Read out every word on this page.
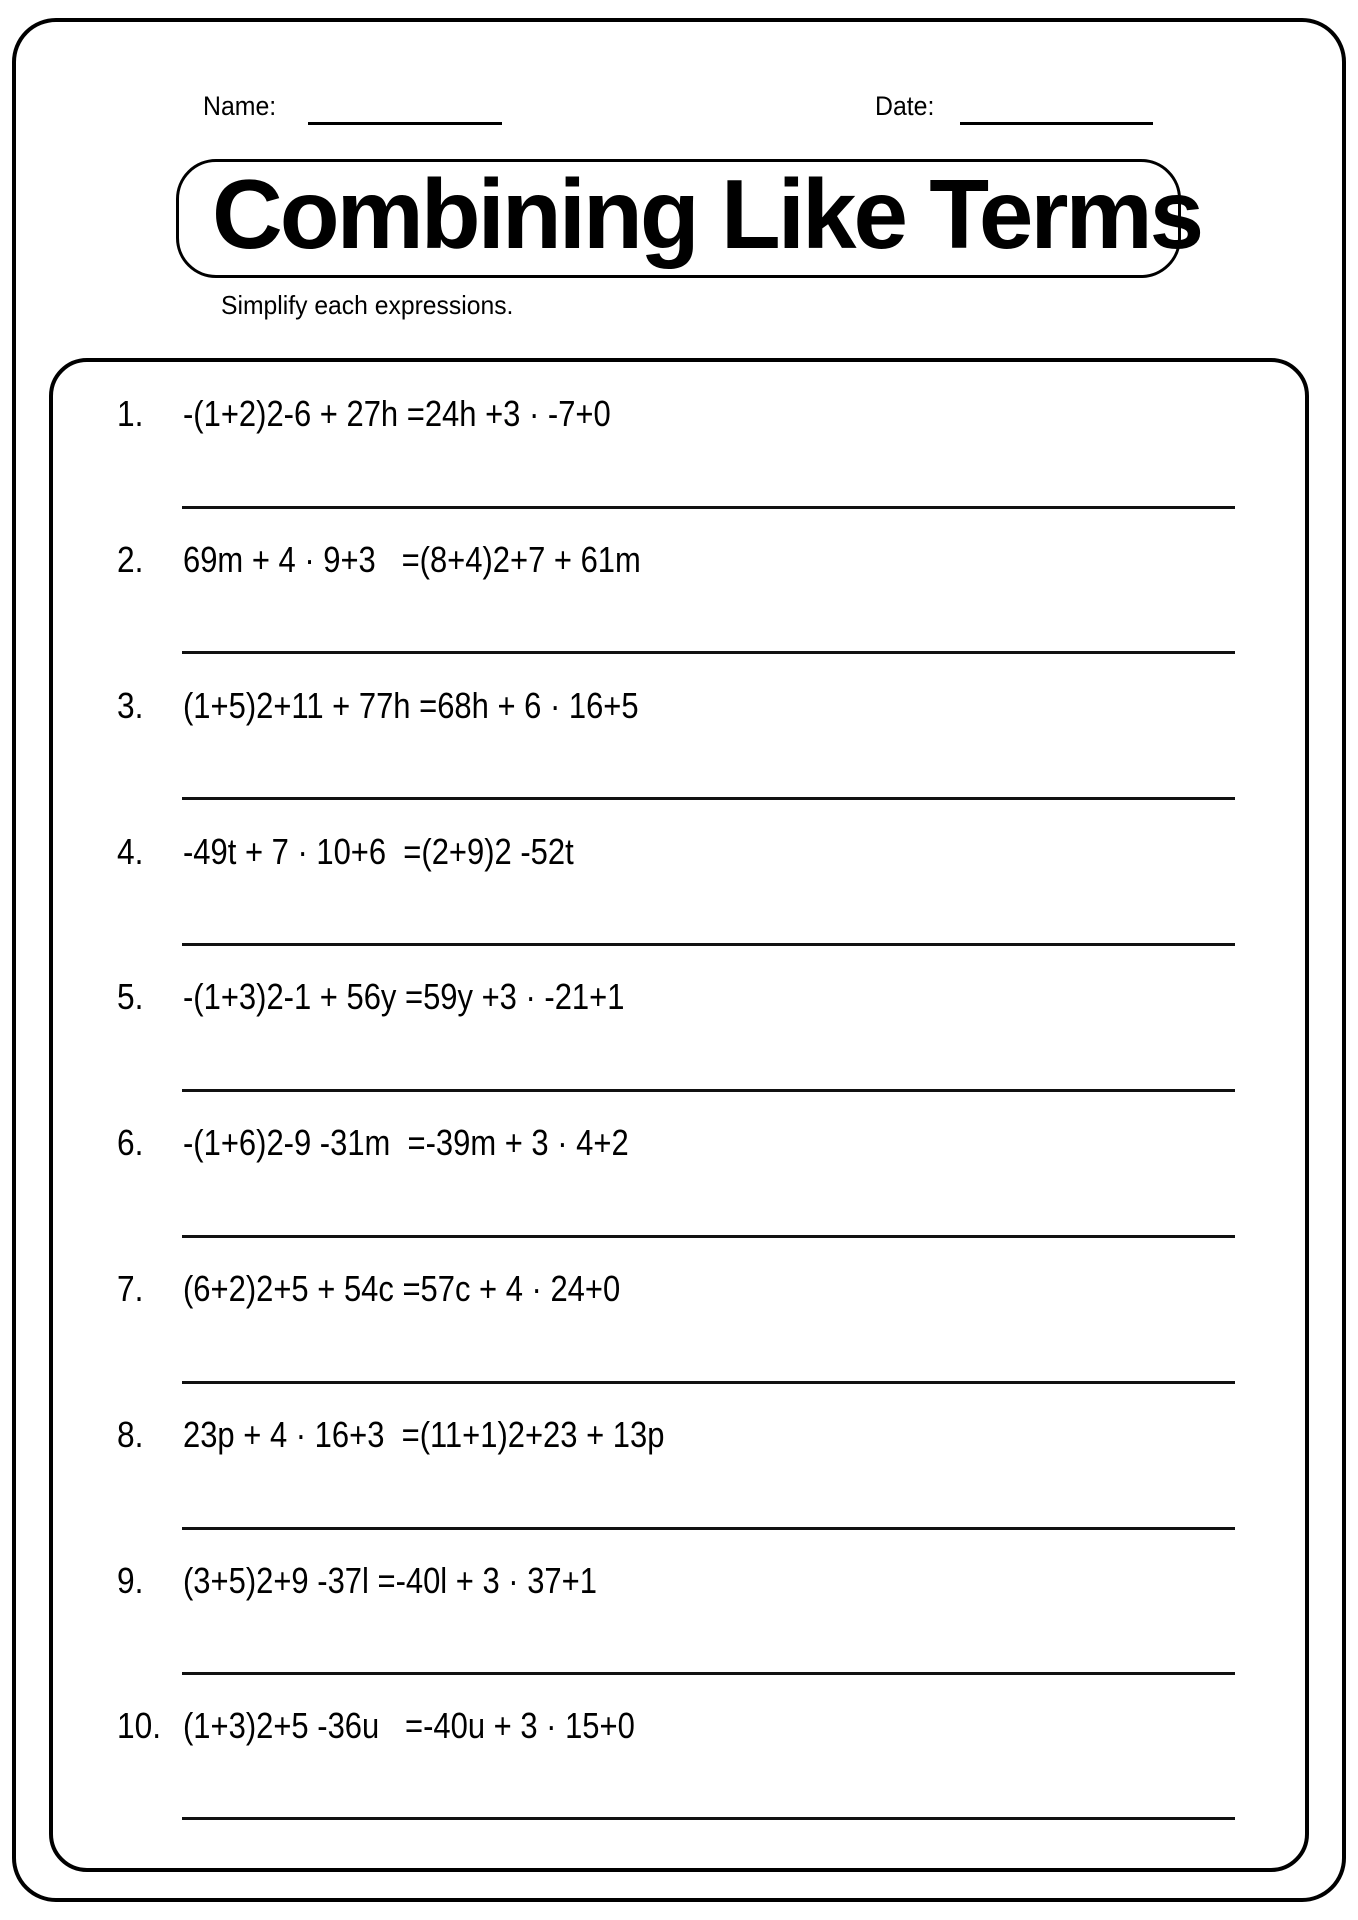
Name:	Date:
Combining Like Terms
Simplify each expressions.
1. -(1+2)2-6 + 27h =24h +3 · -7+0
2. 69m + 4 · 9+3   =(8+4)2+7 + 61m
3. (1+5)2+11 + 77h =68h + 6 · 16+5
4. -49t + 7 · 10+6  =(2+9)2 -52t
5. -(1+3)2-1 + 56y =59y +3 · -21+1
6. -(1+6)2-9 -31m  =-39m + 3 · 4+2
7. (6+2)2+5 + 54c =57c + 4 · 24+0
8. 23p + 4 · 16+3  =(11+1)2+23 + 13p
9. (3+5)2+9 -37l =-40l + 3 · 37+1
10. (1+3)2+5 -36u   =-40u + 3 · 15+0
